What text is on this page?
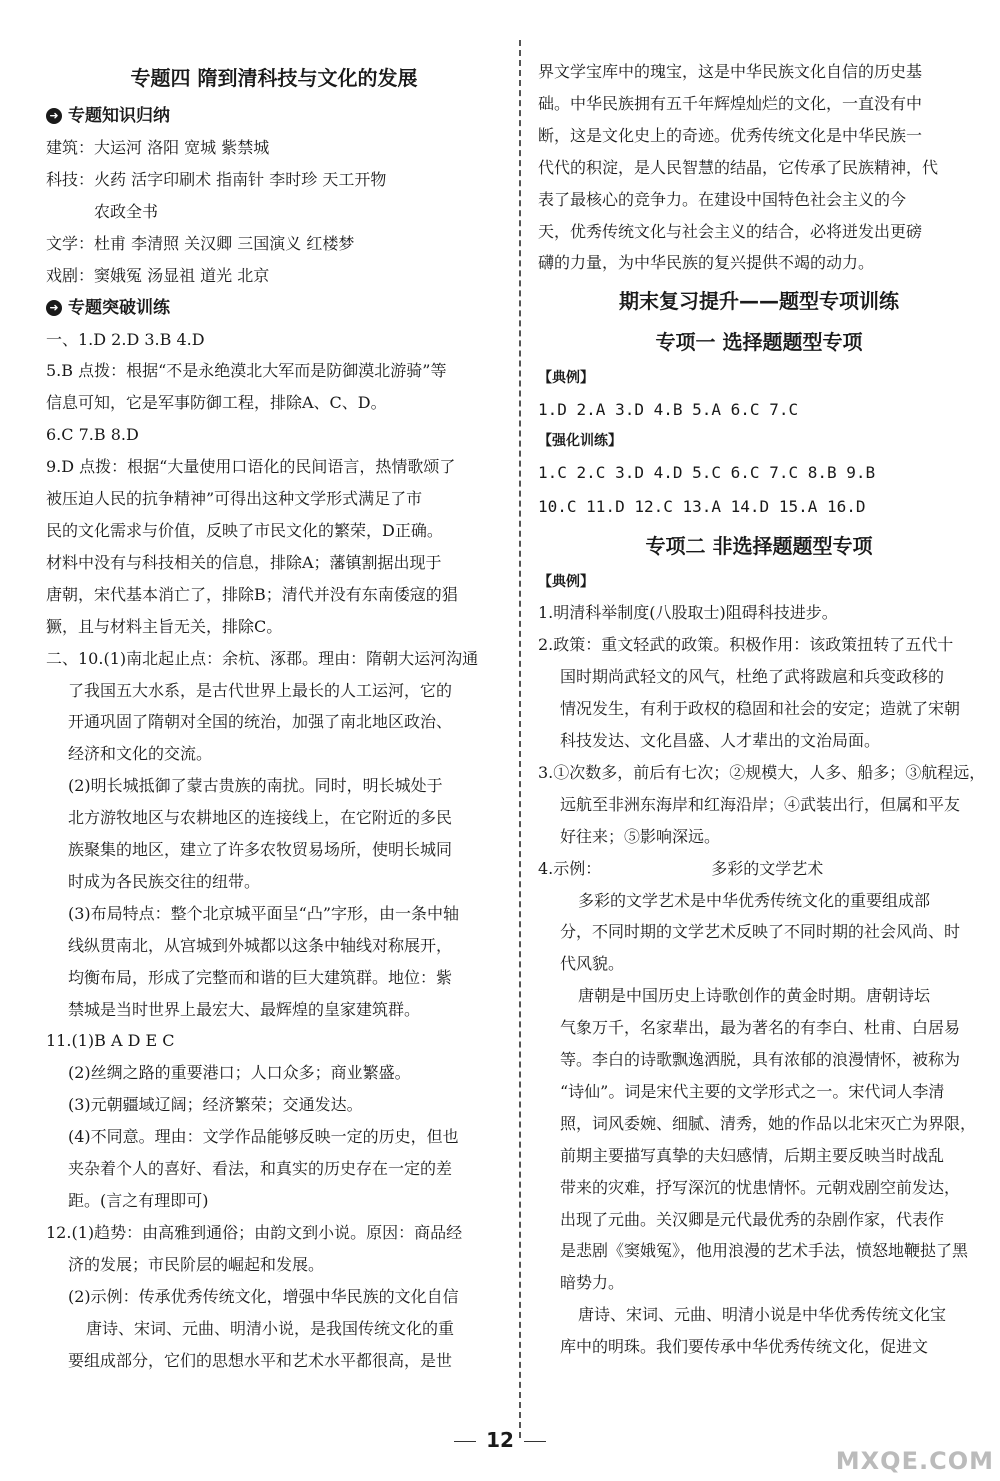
专题四 隋到清科技与文化的发展
➜ 专题知识归纳
建筑：大运河 洛阳 宽城 紫禁城
科技：火药 活字印刷术 指南针 李时珍 天工开物
农政全书
文学：杜甫 李清照 关汉卿 三国演义 红楼梦
戏剧：窦娥冤 汤显祖 道光 北京
➜ 专题突破训练
一、1.D 2.D 3.B 4.D
5.B 点拨：根据“不是永绝漠北大军而是防御漠北游骑”等
信息可知，它是军事防御工程，排除A、C、D。
6.C 7.B 8.D
9.D 点拨：根据“大量使用口语化的民间语言，热情歌颂了
被压迫人民的抗争精神”可得出这种文学形式满足了市
民的文化需求与价值，反映了市民文化的繁荣，D正确。
材料中没有与科技相关的信息，排除A；藩镇割据出现于
唐朝，宋代基本消亡了，排除B；清代并没有东南倭寇的猖
獗，且与材料主旨无关，排除C。
二、10.(1)南北起止点：余杭、涿郡。理由：隋朝大运河沟通
了我国五大水系，是古代世界上最长的人工运河，它的
开通巩固了隋朝对全国的统治，加强了南北地区政治、
经济和文化的交流。
(2)明长城抵御了蒙古贵族的南扰。同时，明长城处于
北方游牧地区与农耕地区的连接线上，在它附近的多民
族聚集的地区，建立了许多农牧贸易场所，使明长城同
时成为各民族交往的纽带。
(3)布局特点：整个北京城平面呈“凸”字形，由一条中轴
线纵贯南北，从宫城到外城都以这条中轴线对称展开，
均衡布局，形成了完整而和谐的巨大建筑群。地位：紫
禁城是当时世界上最宏大、最辉煌的皇家建筑群。
11.(1)B A D E C
(2)丝绸之路的重要港口；人口众多；商业繁盛。
(3)元朝疆域辽阔；经济繁荣；交通发达。
(4)不同意。理由：文学作品能够反映一定的历史，但也
夹杂着个人的喜好、看法，和真实的历史存在一定的差
距。(言之有理即可)
12.(1)趋势：由高雅到通俗；由韵文到小说。原因：商品经
济的发展；市民阶层的崛起和发展。
(2)示例：传承优秀传统文化，增强中华民族的文化自信
唐诗、宋词、元曲、明清小说，是我国传统文化的重
要组成部分，它们的思想水平和艺术水平都很高，是世
界文学宝库中的瑰宝，这是中华民族文化自信的历史基
础。中华民族拥有五千年辉煌灿烂的文化，一直没有中
断，这是文化史上的奇迹。优秀传统文化是中华民族一
代代的积淀，是人民智慧的结晶，它传承了民族精神，代
表了最核心的竞争力。在建设中国特色社会主义的今
天，优秀传统文化与社会主义的结合，必将迸发出更磅
礴的力量，为中华民族的复兴提供不竭的动力。
期末复习提升——题型专项训练
专项一 选择题题型专项
【典例】
1.D 2.A 3.D 4.B 5.A 6.C 7.C
【强化训练】
1.C 2.C 3.D 4.D 5.C 6.C 7.C 8.B 9.B
10.C 11.D 12.C 13.A 14.D 15.A 16.D
专项二 非选择题题型专项
【典例】
1.明清科举制度(八股取士)阻碍科技进步。
2.政策：重文轻武的政策。积极作用：该政策扭转了五代十
国时期尚武轻文的风气，杜绝了武将跋扈和兵变政移的
情况发生，有利于政权的稳固和社会的安定；造就了宋朝
科技发达、文化昌盛、人才辈出的文治局面。
3.①次数多，前后有七次；②规模大，人多、船多；③航程远，
远航至非洲东海岸和红海沿岸；④武装出行，但属和平友
好往来；⑤影响深远。
4.示例：	多彩的文学艺术
多彩的文学艺术是中华优秀传统文化的重要组成部
分，不同时期的文学艺术反映了不同时期的社会风尚、时
代风貌。
唐朝是中国历史上诗歌创作的黄金时期。唐朝诗坛
气象万千，名家辈出，最为著名的有李白、杜甫、白居易
等。李白的诗歌飘逸洒脱，具有浓郁的浪漫情怀，被称为
“诗仙”。词是宋代主要的文学形式之一。宋代词人李清
照，词风委婉、细腻、清秀，她的作品以北宋灭亡为界限，
前期主要描写真挚的夫妇感情，后期主要反映当时战乱
带来的灾难，抒写深沉的忧患情怀。元朝戏剧空前发达，
出现了元曲。关汉卿是元代最优秀的杂剧作家，代表作
是悲剧《窦娥冤》，他用浪漫的艺术手法，愤怒地鞭挞了黑
暗势力。
唐诗、宋词、元曲、明清小说是中华优秀传统文化宝
库中的明珠。我们要传承中华优秀传统文化，促进文
12
MXQE.COM
